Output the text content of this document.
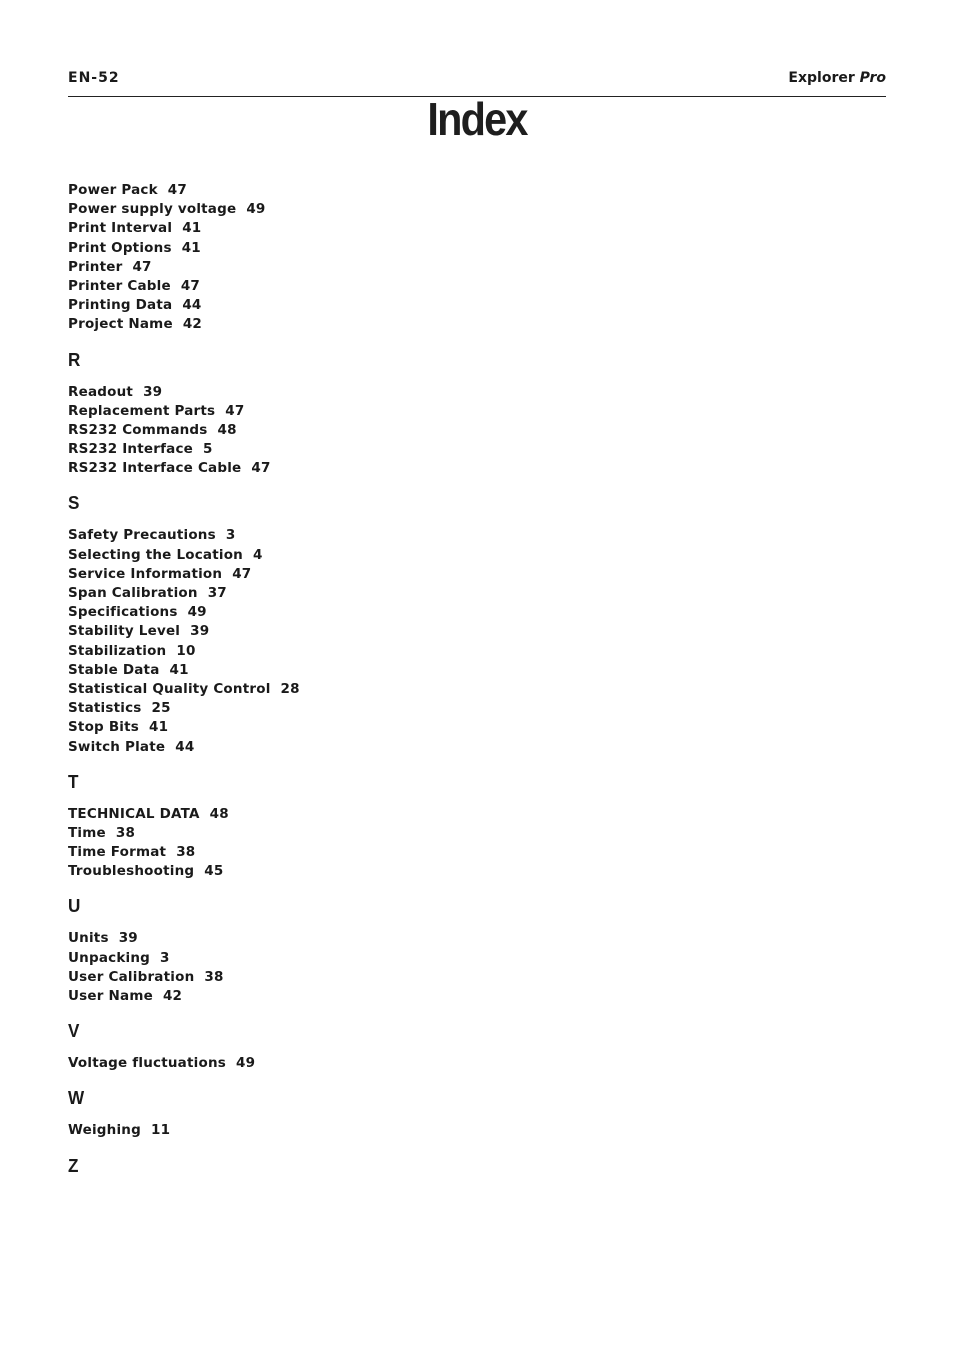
EN-52	Explorer Pro
Index
Power Pack 47
Power supply voltage 49
Print Interval 41
Print Options 41
Printer 47
Printer Cable 47
Printing Data 44
Project Name 42
R
Readout 39
Replacement Parts 47
RS232 Commands 48
RS232 Interface 5
RS232 Interface Cable 47
S
Safety Precautions 3
Selecting the Location 4
Service Information 47
Span Calibration 37
Specifications 49
Stability Level 39
Stabilization 10
Stable Data 41
Statistical Quality Control 28
Statistics 25
Stop Bits 41
Switch Plate 44
T
TECHNICAL DATA 48
Time 38
Time Format 38
Troubleshooting 45
U
Units 39
Unpacking 3
User Calibration 38
User Name 42
V
Voltage fluctuations 49
W
Weighing 11
Z
